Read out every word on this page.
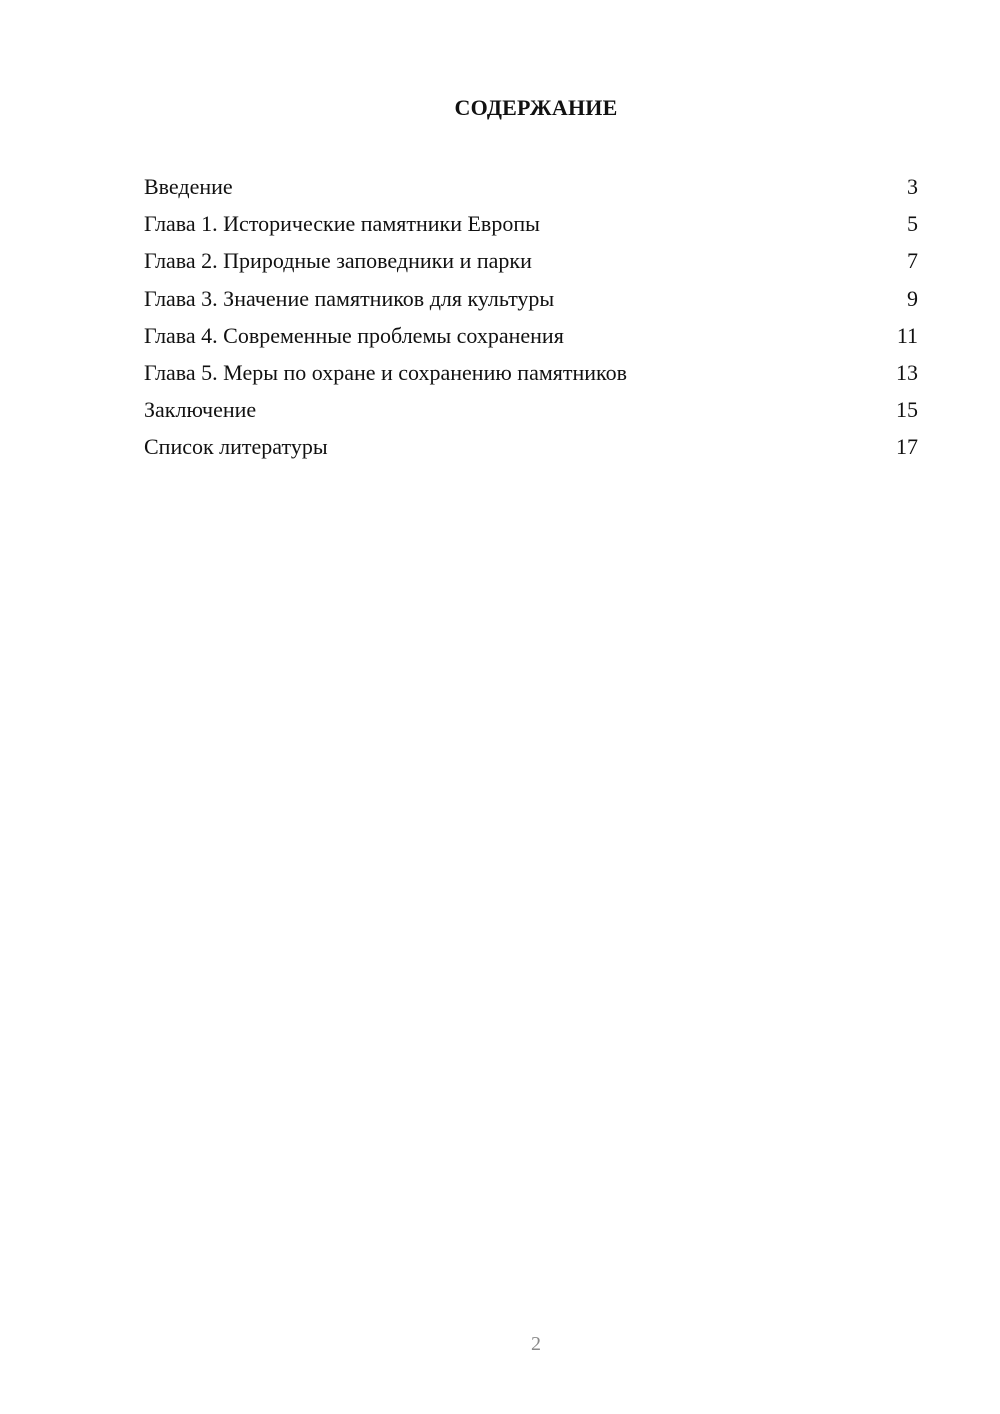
СОДЕРЖАНИЕ
Введение	3
Глава 1. Исторические памятники Европы	5
Глава 2. Природные заповедники и парки	7
Глава 3. Значение памятников для культуры	9
Глава 4. Современные проблемы сохранения	11
Глава 5. Меры по охране и сохранению памятников	13
Заключение	15
Список литературы	17
2
